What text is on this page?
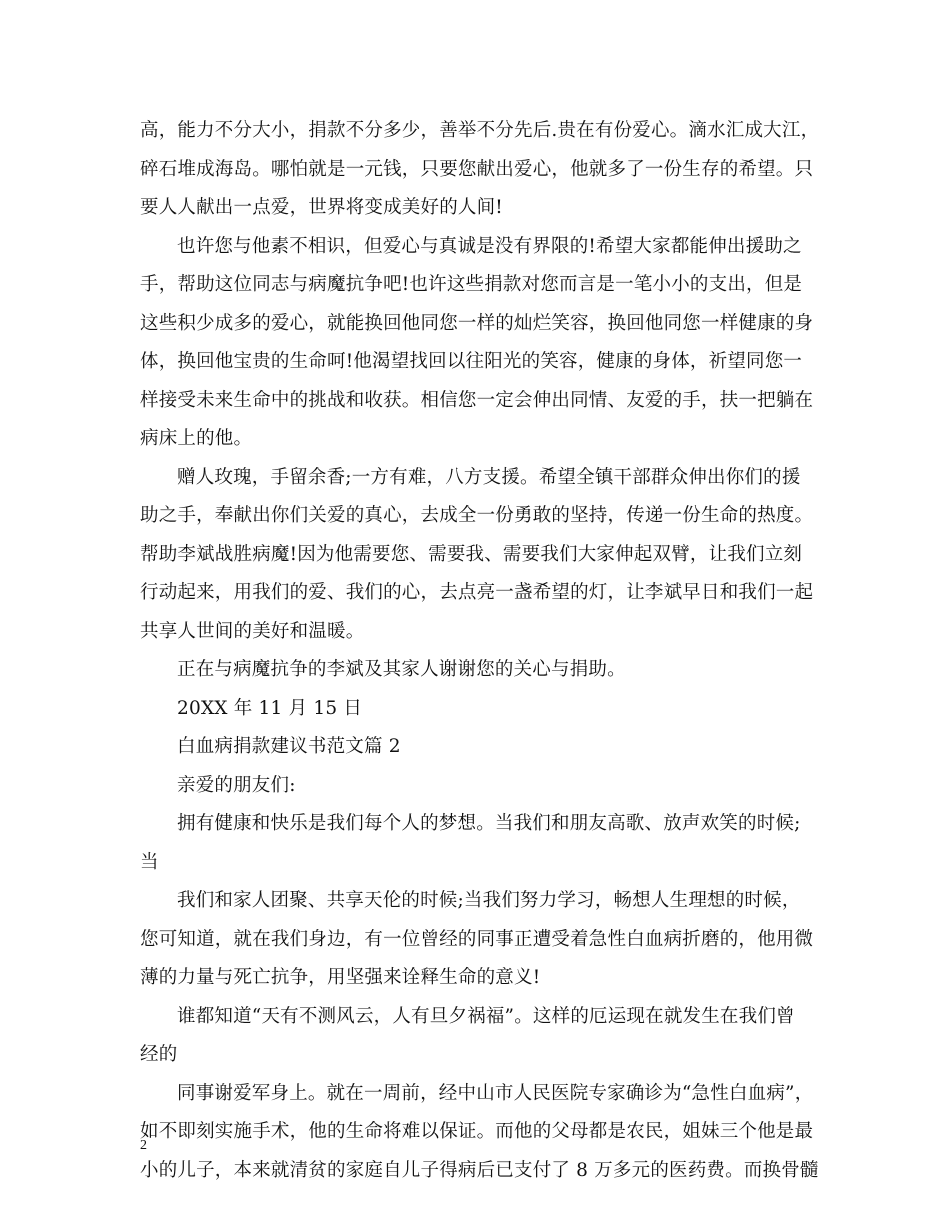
高，能力不分大小，捐款不分多少，善举不分先后.贵在有份爱心。滴水汇成大江，
碎石堆成海岛。哪怕就是一元钱，只要您献出爱心，他就多了一份生存的希望。只
要人人献出一点爱，世界将变成美好的人间!
也许您与他素不相识，但爱心与真诚是没有界限的!希望大家都能伸出援助之
手，帮助这位同志与病魔抗争吧!也许这些捐款对您而言是一笔小小的支出，但是
这些积少成多的爱心，就能换回他同您一样的灿烂笑容，换回他同您一样健康的身
体，换回他宝贵的生命呵!他渴望找回以往阳光的笑容，健康的身体，祈望同您一
样接受未来生命中的挑战和收获。相信您一定会伸出同情、友爱的手，扶一把躺在
病床上的他。
赠人玫瑰，手留余香;一方有难，八方支援。希望全镇干部群众伸出你们的援
助之手，奉献出你们关爱的真心，去成全一份勇敢的坚持，传递一份生命的热度。
帮助李斌战胜病魔!因为他需要您、需要我、需要我们大家伸起双臂，让我们立刻
行动起来，用我们的爱、我们的心，去点亮一盏希望的灯，让李斌早日和我们一起
共享人世间的美好和温暖。
正在与病魔抗争的李斌及其家人谢谢您的关心与捐助。
20XX 年 11 月 15 日
白血病捐款建议书范文篇 2
亲爱的朋友们:
拥有健康和快乐是我们每个人的梦想。当我们和朋友高歌、放声欢笑的时候;
当
我们和家人团聚、共享天伦的时候;当我们努力学习，畅想人生理想的时候，
您可知道，就在我们身边，有一位曾经的同事正遭受着急性白血病折磨的，他用微
薄的力量与死亡抗争，用坚强来诠释生命的意义!
谁都知道“天有不测风云，人有旦夕祸福”。这样的厄运现在就发生在我们曾
经的
同事谢爱军身上。就在一周前，经中山市人民医院专家确诊为“急性白血病”，
如不即刻实施手术，他的生命将难以保证。而他的父母都是农民，姐妹三个他是最
小的儿子，本来就清贫的家庭自儿子得病后已支付了 8 万多元的医药费。而换骨髓
2
